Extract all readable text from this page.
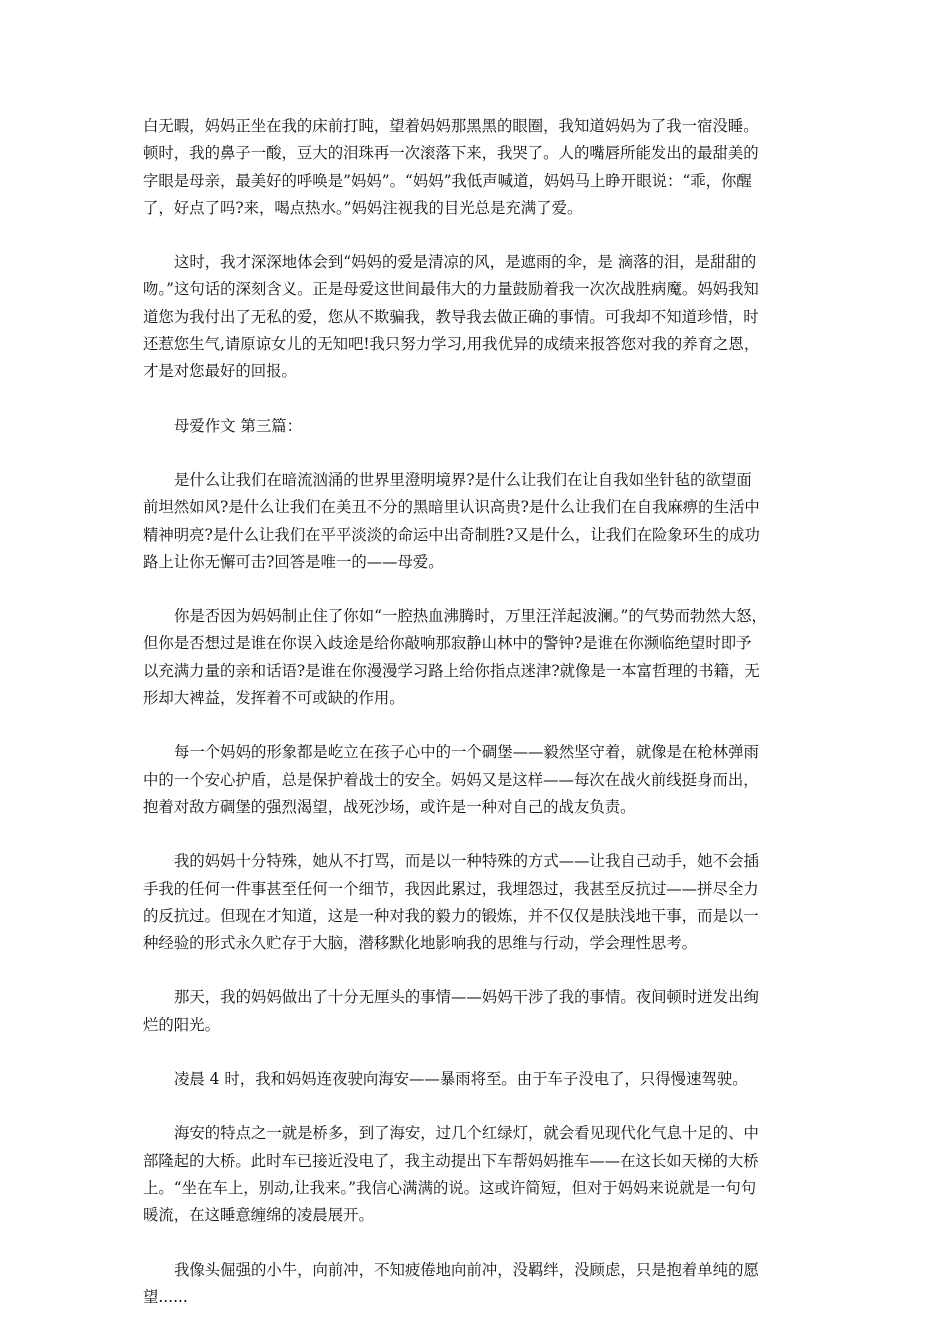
白无暇，妈妈正坐在我的床前打盹，望着妈妈那黑黑的眼圈，我知道妈妈为了我一宿没睡。
顿时，我的鼻子一酸，豆大的泪珠再一次滚落下来，我哭了。人的嘴唇所能发出的最甜美的
字眼是母亲，最美好的呼唤是”妈妈”。“妈妈”我低声喊道，妈妈马上睁开眼说：“乖，你醒
了，好点了吗?来，喝点热水。”妈妈注视我的目光总是充满了爱。
这时，我才深深地体会到“妈妈的爱是清凉的风，是遮雨的伞，是 滴落的泪，是甜甜的
吻。”这句话的深刻含义。正是母爱这世间最伟大的力量鼓励着我一次次战胜病魔。妈妈我知
道您为我付出了无私的爱，您从不欺骗我，教导我去做正确的事情。可我却不知道珍惜，时
还惹您生气,请原谅女儿的无知吧!我只努力学习,用我优异的成绩来报答您对我的养育之恩，
才是对您最好的回报。
母爱作文 第三篇：
是什么让我们在暗流汹涌的世界里澄明境界?是什么让我们在让自我如坐针毡的欲望面
前坦然如风?是什么让我们在美丑不分的黑暗里认识高贵?是什么让我们在自我麻痹的生活中
精神明亮?是什么让我们在平平淡淡的命运中出奇制胜?又是什么，让我们在险象环生的成功
路上让你无懈可击?回答是唯一的——母爱。
你是否因为妈妈制止住了你如“一腔热血沸腾时，万里汪洋起波澜。”的气势而勃然大怒，
但你是否想过是谁在你误入歧途是给你敲响那寂静山林中的警钟?是谁在你濒临绝望时即予
以充满力量的亲和话语?是谁在你漫漫学习路上给你指点迷津?就像是一本富哲理的书籍，无
形却大裨益，发挥着不可或缺的作用。
每一个妈妈的形象都是屹立在孩子心中的一个碉堡——毅然坚守着，就像是在枪林弹雨
中的一个安心护盾，总是保护着战士的安全。妈妈又是这样——每次在战火前线挺身而出，
抱着对敌方碉堡的强烈渴望，战死沙场，或许是一种对自己的战友负责。
我的妈妈十分特殊，她从不打骂，而是以一种特殊的方式——让我自己动手，她不会插
手我的任何一件事甚至任何一个细节，我因此累过，我埋怨过，我甚至反抗过——拼尽全力
的反抗过。但现在才知道，这是一种对我的毅力的锻炼，并不仅仅是肤浅地干事，而是以一
种经验的形式永久贮存于大脑，潜移默化地影响我的思维与行动，学会理性思考。
那天，我的妈妈做出了十分无厘头的事情——妈妈干涉了我的事情。夜间顿时迸发出绚
烂的阳光。
凌晨 4 时，我和妈妈连夜驶向海安——暴雨将至。由于车子没电了，只得慢速驾驶。
海安的特点之一就是桥多，到了海安，过几个红绿灯，就会看见现代化气息十足的、中
部隆起的大桥。此时车已接近没电了，我主动提出下车帮妈妈推车——在这长如天梯的大桥
上。“坐在车上，别动,让我来。”我信心满满的说。这或许简短，但对于妈妈来说就是一句句
暖流，在这睡意缠绵的凌晨展开。
我像头倔强的小牛，向前冲，不知疲倦地向前冲，没羁绊，没顾虑，只是抱着单纯的愿
望......
